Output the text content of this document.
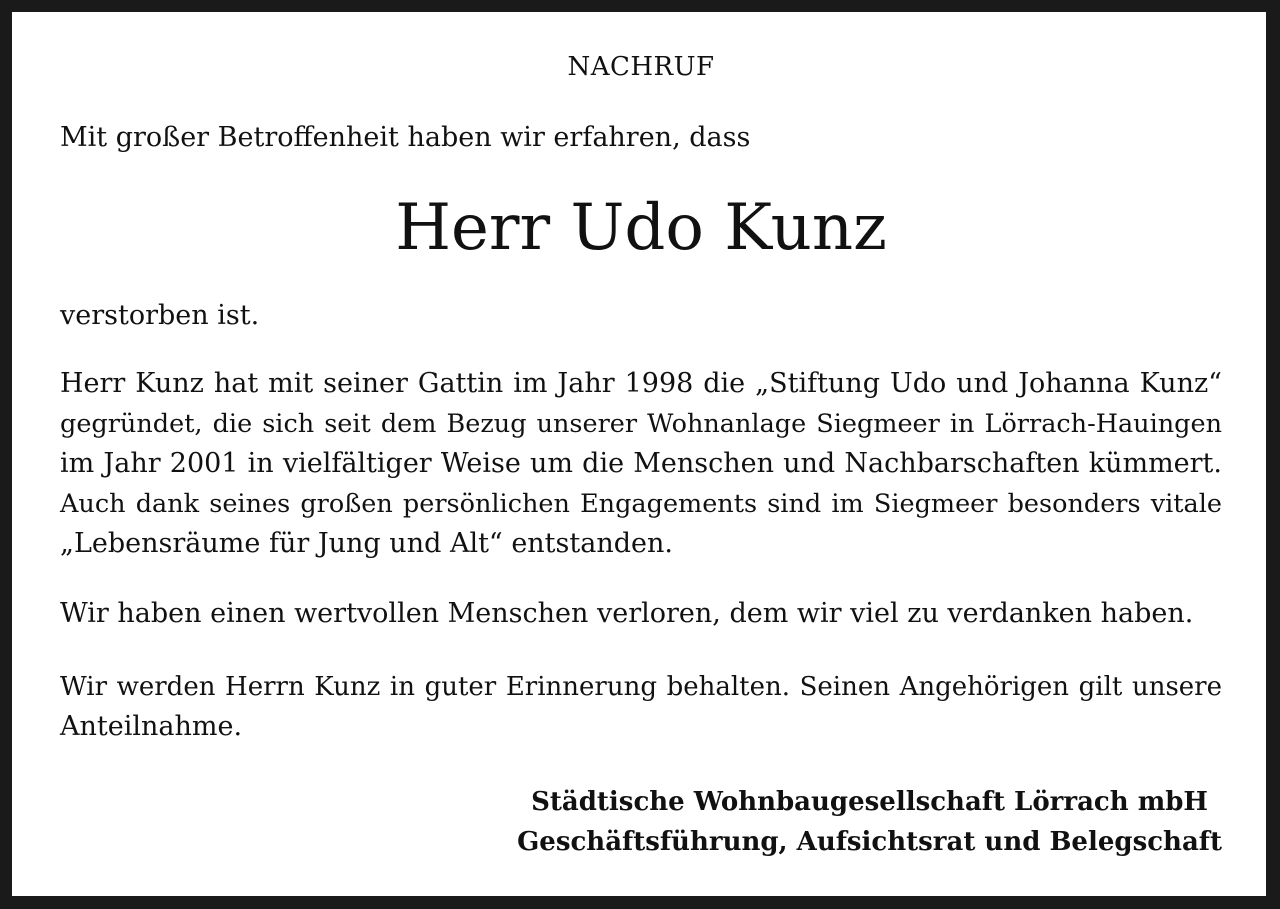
NACHRUF
Mit großer Betroffenheit haben wir erfahren, dass
Herr Udo Kunz
verstorben ist.
Herr Kunz hat mit seiner Gattin im Jahr 1998 die „Stiftung Udo und Johanna Kunz“
gegründet, die sich seit dem Bezug unserer Wohnanlage Siegmeer in Lörrach-Hauingen
im Jahr 2001 in vielfältiger Weise um die Menschen und Nachbarschaften kümmert.
Auch dank seines großen persönlichen Engagements sind im Siegmeer besonders vitale
„Lebensräume für Jung und Alt“ entstanden.
Wir haben einen wertvollen Menschen verloren, dem wir viel zu verdanken haben.
Wir werden Herrn Kunz in guter Erinnerung behalten. Seinen Angehörigen gilt unsere
Anteilnahme.
Städtische Wohnbaugesellschaft Lörrach mbH
Geschäftsführung, Aufsichtsrat und Belegschaft
